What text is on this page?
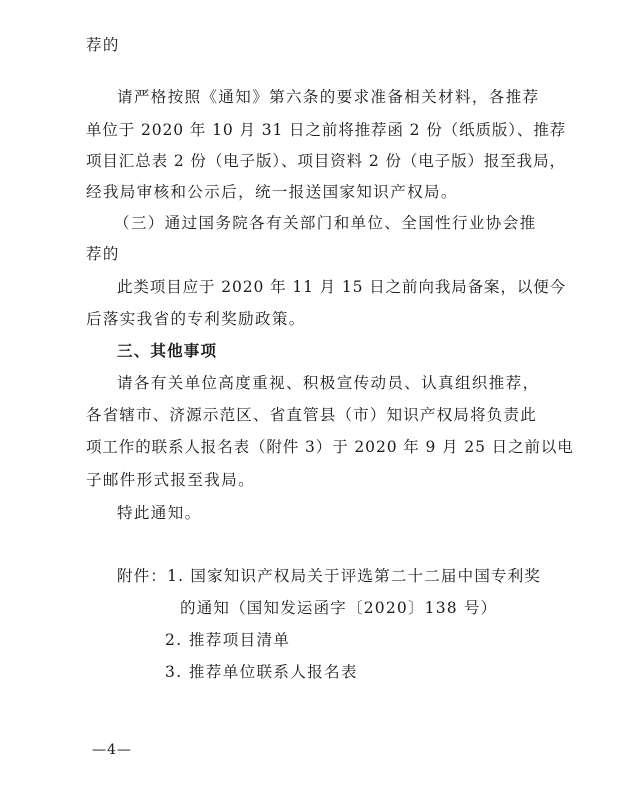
荐的
请严格按照《通知》第六条的要求准备相关材料，各推荐
单位于 2020 年 10 月 31 日之前将推荐函 2 份（纸质版）、推荐
项目汇总表 2 份（电子版）、项目资料 2 份（电子版）报至我局，
经我局审核和公示后，统一报送国家知识产权局。
（三）通过国务院各有关部门和单位、全国性行业协会推
荐的
此类项目应于 2020 年 11 月 15 日之前向我局备案，以便今
后落实我省的专利奖励政策。
三、其他事项
请各有关单位高度重视、积极宣传动员、认真组织推荐，
各省辖市、济源示范区、省直管县（市）知识产权局将负责此
项工作的联系人报名表（附件 3）于 2020 年 9 月 25 日之前以电
子邮件形式报至我局。
特此通知。
附件：1. 国家知识产权局关于评选第二十二届中国专利奖
的通知（国知发运函字〔2020〕138 号）
2. 推荐项目清单
3. 推荐单位联系人报名表
—4—
